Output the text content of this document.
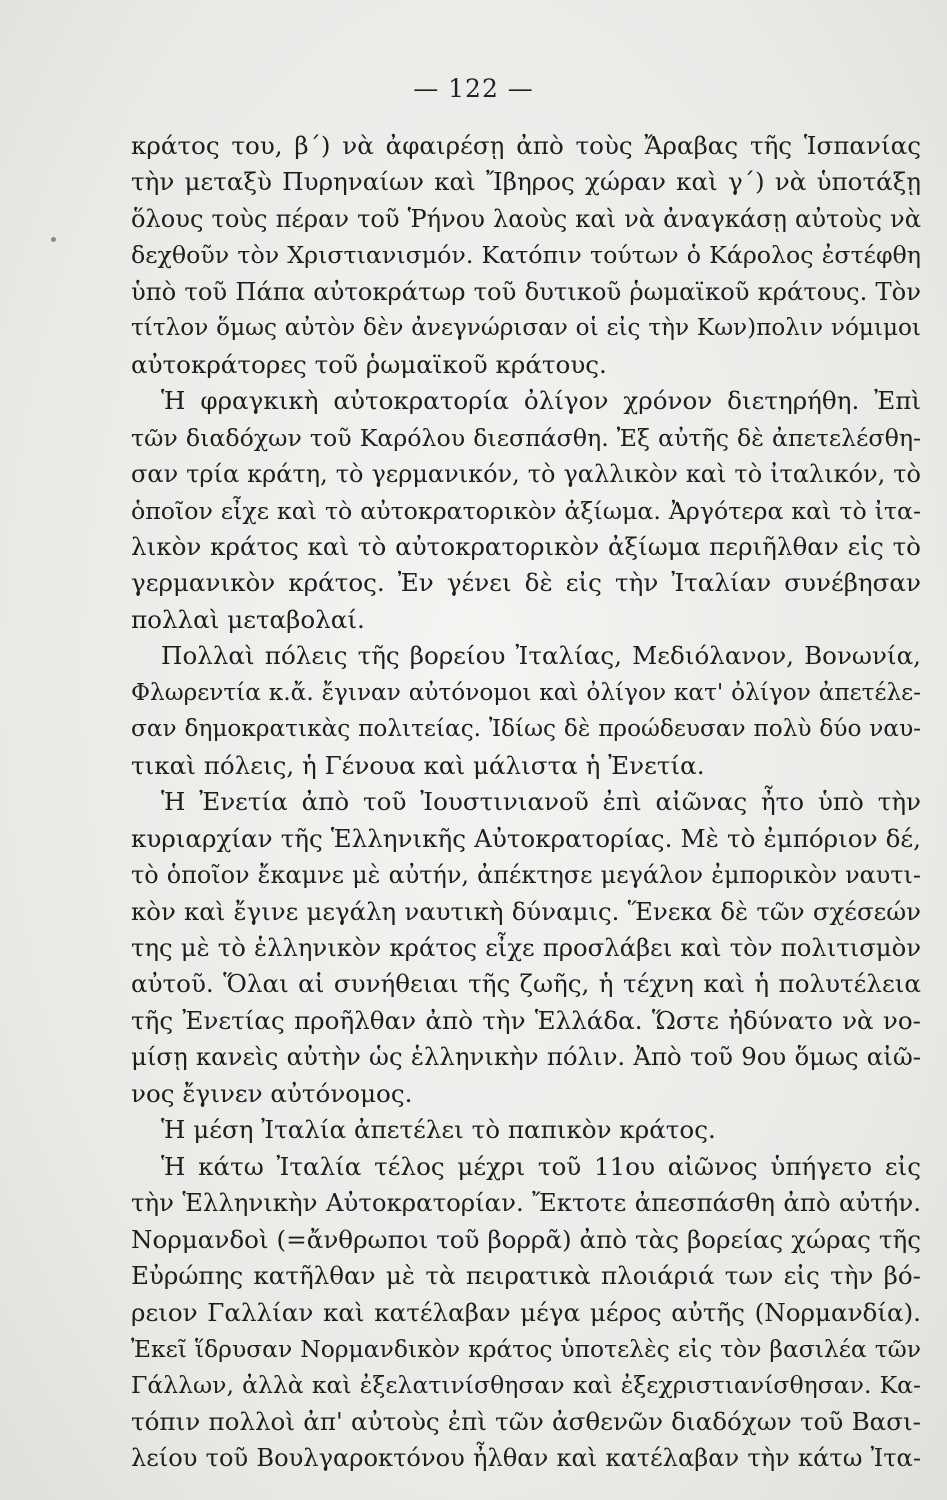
— 122 —
κράτος του, β΄) νὰ ἀφαιρέσῃ ἀπὸ τοὺς Ἄραβας τῆς Ἱσπανίας
τὴν μεταξὺ Πυρηναίων καὶ Ἴβηρος χώραν καὶ γ΄) νὰ ὑποτάξῃ
ὅλους τοὺς πέραν τοῦ Ῥήνου λαοὺς καὶ νὰ ἀναγκάσῃ αὐτοὺς νὰ
δεχθοῦν τὸν Χριστιανισμόν. Κατόπιν τούτων ὁ Κάρολος ἐστέφθη
ὑπὸ τοῦ Πάπα αὐτοκράτωρ τοῦ δυτικοῦ ῥωμαϊκοῦ κράτους. Τὸν
τίτλον ὅμως αὐτὸν δὲν ἀνεγνώρισαν οἱ εἰς τὴν Κων)πολιν νόμιμοι
αὐτοκράτορες τοῦ ῥωμαϊκοῦ κράτους.
Ἡ φραγκικὴ αὐτοκρατορία ὀλίγον χρόνον διετηρήθη. Ἐπὶ
τῶν διαδόχων τοῦ Καρόλου διεσπάσθη. Ἐξ αὐτῆς δὲ ἀπετελέσθη-
σαν τρία κράτη, τὸ γερμανικόν, τὸ γαλλικὸν καὶ τὸ ἰταλικόν, τὸ
ὁποῖον εἶχε καὶ τὸ αὐτοκρατορικὸν ἀξίωμα. Ἀργότερα καὶ τὸ ἰτα-
λικὸν κράτος καὶ τὸ αὐτοκρατορικὸν ἀξίωμα περιῆλθαν εἰς τὸ
γερμανικὸν κράτος. Ἐν γένει δὲ εἰς τὴν Ἰταλίαν συνέβησαν
πολλαὶ μεταβολαί.
Πολλαὶ πόλεις τῆς βορείου Ἰταλίας, Μεδιόλανον, Βονωνία,
Φλωρεντία κ.ἄ. ἔγιναν αὐτόνομοι καὶ ὀλίγον κατ' ὀλίγον ἀπετέλε-
σαν δημοκρατικὰς πολιτείας. Ἰδίως δὲ προώδευσαν πολὺ δύο ναυ-
τικαὶ πόλεις, ἡ Γένουα καὶ μάλιστα ἡ Ἐνετία.
Ἡ Ἐνετία ἀπὸ τοῦ Ἰουστινιανοῦ ἐπὶ αἰῶνας ἦτο ὑπὸ τὴν
κυριαρχίαν τῆς Ἑλληνικῆς Αὐτοκρατορίας. Μὲ τὸ ἐμπόριον δέ,
τὸ ὁποῖον ἔκαμνε μὲ αὐτήν, ἀπέκτησε μεγάλον ἐμπορικὸν ναυτι-
κὸν καὶ ἔγινε μεγάλη ναυτικὴ δύναμις. Ἕνεκα δὲ τῶν σχέσεών
της μὲ τὸ ἑλληνικὸν κράτος εἶχε προσλάβει καὶ τὸν πολιτισμὸν
αὐτοῦ. Ὅλαι αἱ συνήθειαι τῆς ζωῆς, ἡ τέχνη καὶ ἡ πολυτέλεια
τῆς Ἐνετίας προῆλθαν ἀπὸ τὴν Ἑλλάδα. Ὥστε ἠδύνατο νὰ νο-
μίσῃ κανεὶς αὐτὴν ὡς ἑλληνικὴν πόλιν. Ἀπὸ τοῦ 9ου ὅμως αἰῶ-
νος ἔγινεν αὐτόνομος.
Ἡ μέση Ἰταλία ἀπετέλει τὸ παπικὸν κράτος.
Ἡ κάτω Ἰταλία τέλος μέχρι τοῦ 11ου αἰῶνος ὑπήγετο εἰς
τὴν Ἑλληνικὴν Αὐτοκρατορίαν. Ἔκτοτε ἀπεσπάσθη ἀπὸ αὐτήν.
Νορμανδοὶ (=ἄνθρωποι τοῦ βορρᾶ) ἀπὸ τὰς βορείας χώρας τῆς
Εὐρώπης κατῆλθαν μὲ τὰ πειρατικὰ πλοιάριά των εἰς τὴν βό-
ρειον Γαλλίαν καὶ κατέλαβαν μέγα μέρος αὐτῆς (Νορμανδία).
Ἐκεῖ ἵδρυσαν Νορμανδικὸν κράτος ὑποτελὲς εἰς τὸν βασιλέα τῶν
Γάλλων, ἀλλὰ καὶ ἐξελατινίσθησαν καὶ ἐξεχριστιανίσθησαν. Κα-
τόπιν πολλοὶ ἀπ' αὐτοὺς ἐπὶ τῶν ἀσθενῶν διαδόχων τοῦ Βασι-
λείου τοῦ Βουλγαροκτόνου ἦλθαν καὶ κατέλαβαν τὴν κάτω Ἰτα-
